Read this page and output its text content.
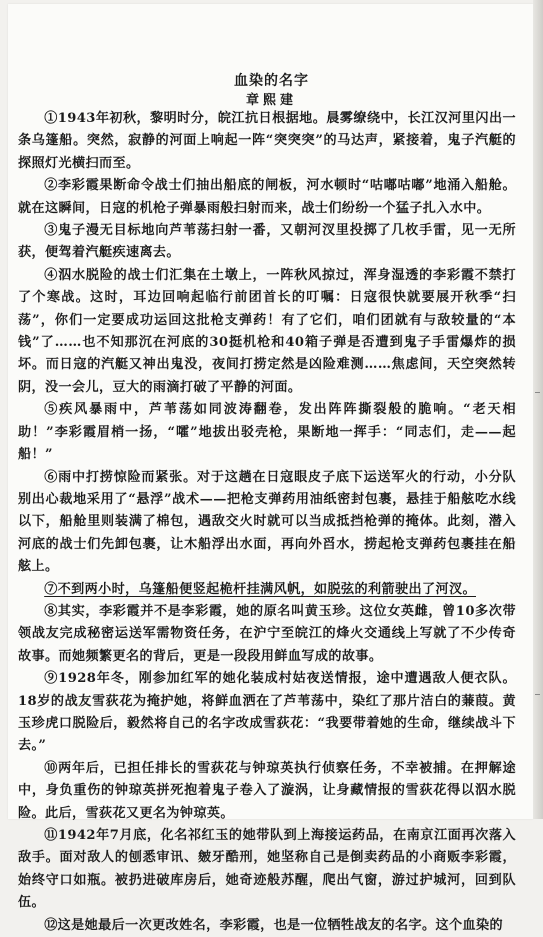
血染的名字
章熙建

①1943年初秋，黎明时分，皖江抗日根据地。晨雾缭绕中，长江汉河里闪出一条乌篷船。突然，寂静的河面上响起一阵“突突突”的马达声，紧接着，鬼子汽艇的探照灯光横扫而至。

②李彩霞果断命令战士们抽出船底的闸板，河水顿时“咕嘟咕嘟”地涌入船舱。就在这瞬间，日寇的机枪子弹暴雨般扫射而来，战士们纷纷一个猛子扎入水中。

③鬼子漫无目标地向芦苇荡扫射一番，又朝河汊里投掷了几枚手雷，见一无所获，便驾着汽艇疾速离去。

④泅水脱险的战士们汇集在土墩上，一阵秋风掠过，浑身湿透的李彩霞不禁打了个寒战。这时，耳边回响起临行前团首长的叮嘱：日寇很快就要展开秋季“扫荡”，你们一定要成功运回这批枪支弹药！有了它们，咱们团就有与敌较量的“本钱”了……也不知那沉在河底的30挺机枪和40箱子弹是否遭到鬼子手雷爆炸的损坏。而日寇的汽艇又神出鬼没，夜间打捞定然是凶险难测……焦虑间，天空突然转阴，没一会儿，豆大的雨滴打破了平静的河面。

⑤疾风暴雨中，芦苇荡如同波涛翻卷，发出阵阵撕裂般的脆响。“老天相助！”李彩霞眉梢一扬，“嚯”地拔出驳壳枪，果断地一挥手：“同志们，走——起船！”

⑥雨中打捞惊险而紧张。对于这趟在日寇眼皮子底下运送军火的行动，小分队别出心裁地采用了“悬浮”战术——把枪支弹药用油纸密封包裹，悬挂于船舷吃水线以下，船舱里则装满了棉包，遇敌交火时就可以当成抵挡枪弹的掩体。此刻，潜入河底的战士们先卸包裹，让木船浮出水面，再向外舀水，捞起枪支弹药包裹挂在船舷上。

⑦不到两小时，乌篷船便竖起桅杆挂满风帆，如脱弦的利箭驶出了河汊。

⑧其实，李彩霞并不是李彩霞，她的原名叫黄玉珍。这位女英雌，曾10多次带领战友完成秘密运送军需物资任务，在沪宁至皖江的烽火交通线上写就了不少传奇故事。而她频繁更名的背后，更是一段段用鲜血写成的故事。

⑨1928年冬，刚参加红军的她化装成村姑夜送情报，途中遭遇敌人便衣队。18岁的战友雪荻花为掩护她，将鲜血洒在了芦苇荡中，染红了那片洁白的蒹葭。黄玉珍虎口脱险后，毅然将自己的名字改成雪荻花：“我要带着她的生命，继续战斗下去。”

⑩两年后，已担任排长的雪荻花与钟琼英执行侦察任务，不幸被捕。在押解途中，身负重伤的钟琼英拼死抱着鬼子卷入了漩涡，让身藏情报的雪荻花得以泅水脱险。此后，雪荻花又更名为钟琼英。

⑪1942年7月底，化名祁红玉的她带队到上海接运药品，在南京江面再次落入敌手。面对敌人的刨悉审讯、皴牙酷刑，她坚称自己是倒卖药品的小商贩李彩霞，始终守口如瓶。被扔进破库房后，她奇迹般苏醒，爬出气窗，游过护城河，回到队伍。

⑫这是她最后一次更改姓名，李彩霞，也是一位牺牲战友的名字。这个血染的
